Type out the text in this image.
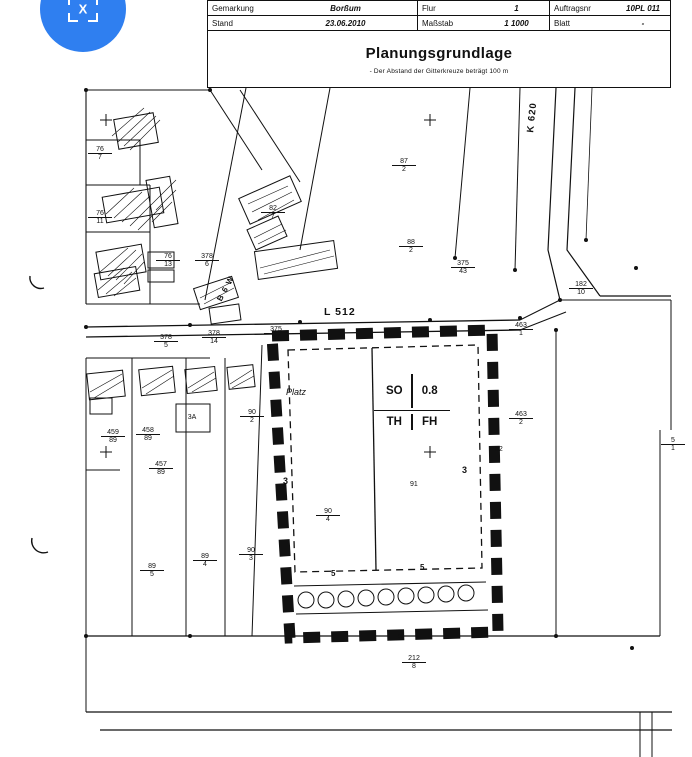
Gemarkung	Borßum	Flur	1	Auftragsnr	10PL 011
Stand	23.06.2010	Maßstab	1 1000	Blatt	-
Planungsgrundlage
- Der Abstand der Gitterkreuze beträgt 100 m
X
L 512
K 620
B 6 W
SO	0.8
TH	FH
Platz
91
92
3
3
5
5
$\frac{76}{7}$
$\frac{76}{11}$
$\frac{76}{13} \frac{378}{6}$
$\frac{378}{5}$	$\frac{378}{14}$	$\frac{375}{52}$
$\frac{375}{43}$
$\frac{87}{2}$
$\frac{82}{7}$
$\frac{88}{2}$
$\frac{182}{10}$
$\frac{463}{1}$
$\frac{463}{2}$
$\frac{459}{89} \frac{458}{89}$
$\frac{457}{89}$
$\frac{90}{2}$
$\frac{90}{4}$
$\frac{90}{3}$
$\frac{89}{5}$
$\frac{89}{4}$
$\frac{212}{8}$
3A
$\frac{5}{1}$
